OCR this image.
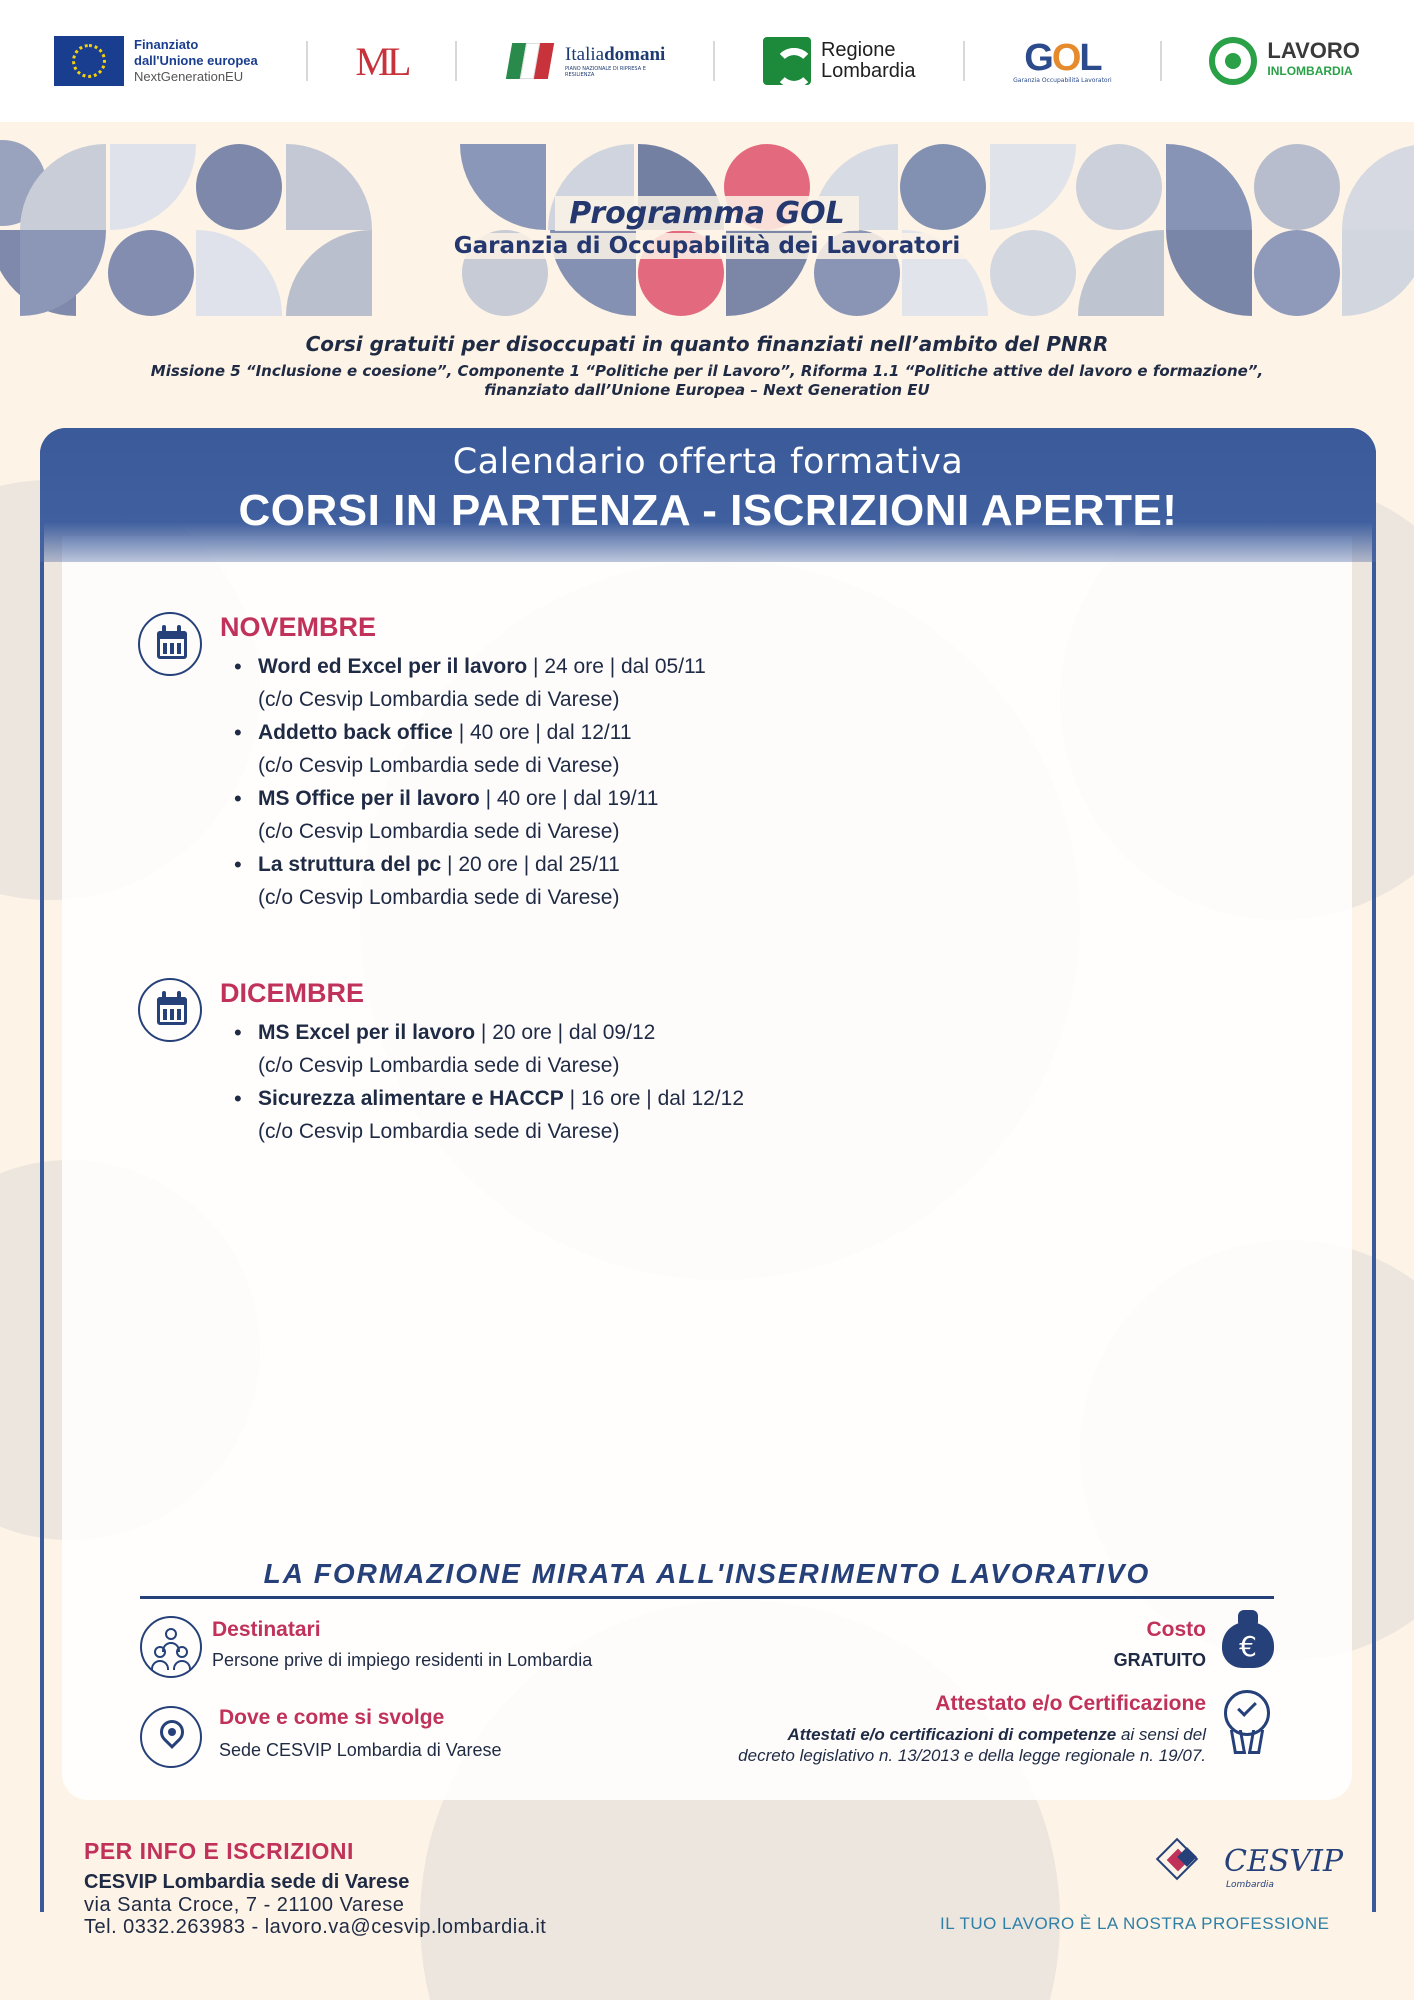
Finanziato
dall'Unione europea
NextGenerationEU	ML	Italiadomani
PIANO NAZIONALE DI RIPRESA E RESILIENZA
Regione
Lombardia	GOL
Garanzia Occupabilità Lavoratori
LAVORO
INLOMBARDIA
Programma GOL
Garanzia di Occupabilità dei Lavoratori
Corsi gratuiti per disoccupati in quanto finanziati nell’ambito del PNRR
Missione 5 “Inclusione e coesione”, Componente 1 “Politiche per il Lavoro”, Riforma 1.1 “Politiche attive del lavoro e formazione”,
finanziato dall’Unione Europea – Next Generation EU
Calendario offerta formativa
CORSI IN PARTENZA - ISCRIZIONI APERTE!
NOVEMBRE
• Word ed Excel per il lavoro | 24 ore | dal 05/11
(c/o Cesvip Lombardia sede di Varese)
• Addetto back office | 40 ore | dal 12/11
(c/o Cesvip Lombardia sede di Varese)
• MS Office per il lavoro | 40 ore | dal 19/11
(c/o Cesvip Lombardia sede di Varese)
• La struttura del pc | 20 ore | dal 25/11
(c/o Cesvip Lombardia sede di Varese)
DICEMBRE
• MS Excel per il lavoro | 20 ore | dal 09/12
(c/o Cesvip Lombardia sede di Varese)
• Sicurezza alimentare e HACCP | 16 ore | dal 12/12
(c/o Cesvip Lombardia sede di Varese)
LA FORMAZIONE MIRATA ALL'INSERIMENTO LAVORATIVO
Destinatari
Persone prive di impiego residenti in Lombardia
Dove e come si svolge
Sede CESVIP Lombardia di Varese
Costo
GRATUITO	€
Attestato e/o Certificazione
Attestati e/o certificazioni di competenze ai sensi del
decreto legislativo n. 13/2013 e della legge regionale n. 19/07.
PER INFO E ISCRIZIONI
CESVIP Lombardia sede di Varese
via Santa Croce, 7 - 21100 Varese
Tel. 0332.263983 - lavoro.va@cesvip.lombardia.it
CESVIP
Lombardia
IL TUO LAVORO È LA NOSTRA PROFESSIONE
